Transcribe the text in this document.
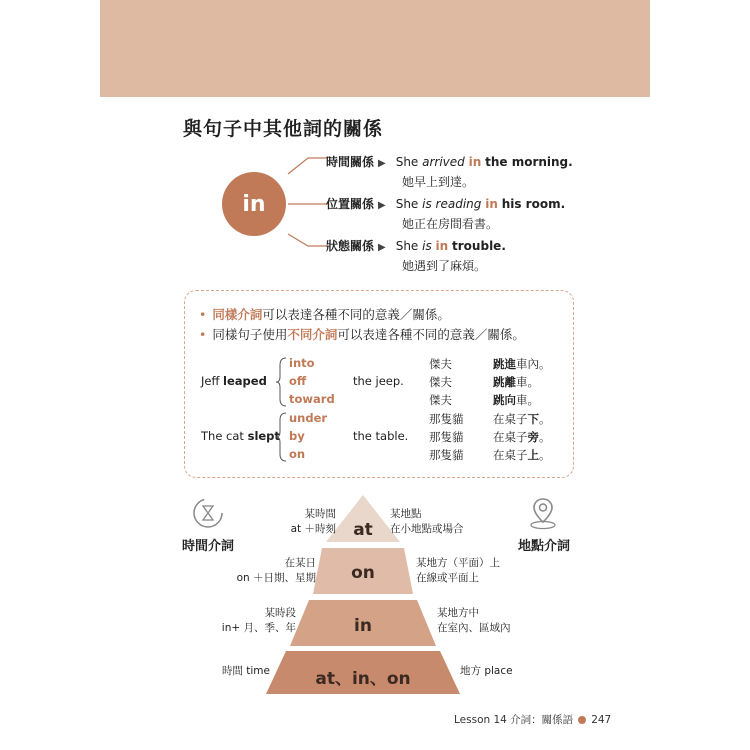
與句子中其他詞的關係
in
時間關係 ▶ She arrived in the morning.
她早上到達。
位置關係 ▶ She is reading in his room.
她正在房間看書。
狀態關係 ▶ She is in trouble.
她遇到了麻煩。
• 同樣介詞可以表達各種不同的意義／關係。
• 同樣句子使用不同介詞可以表達各種不同的意義／關係。
Jeff leaped
into
off
toward
the jeep.
傑夫
傑夫
傑夫
跳進車內。
跳離車。
跳向車。
The cat slept
under
by
on
the table.
那隻貓
那隻貓
那隻貓
在桌子下。
在桌子旁。
在桌子上。
at
on
in
at、in、on
時間介詞	地點介詞
某時間
at ＋時刻
在某日
on ＋日期、星期
某時段
in+ 月、季、年
時間 time
某地點
在小地點或場合
某地方（平面）上
在線或平面上
某地方中
在室內、區域內
地方 place
Lesson 14 介詞：關係語 247
